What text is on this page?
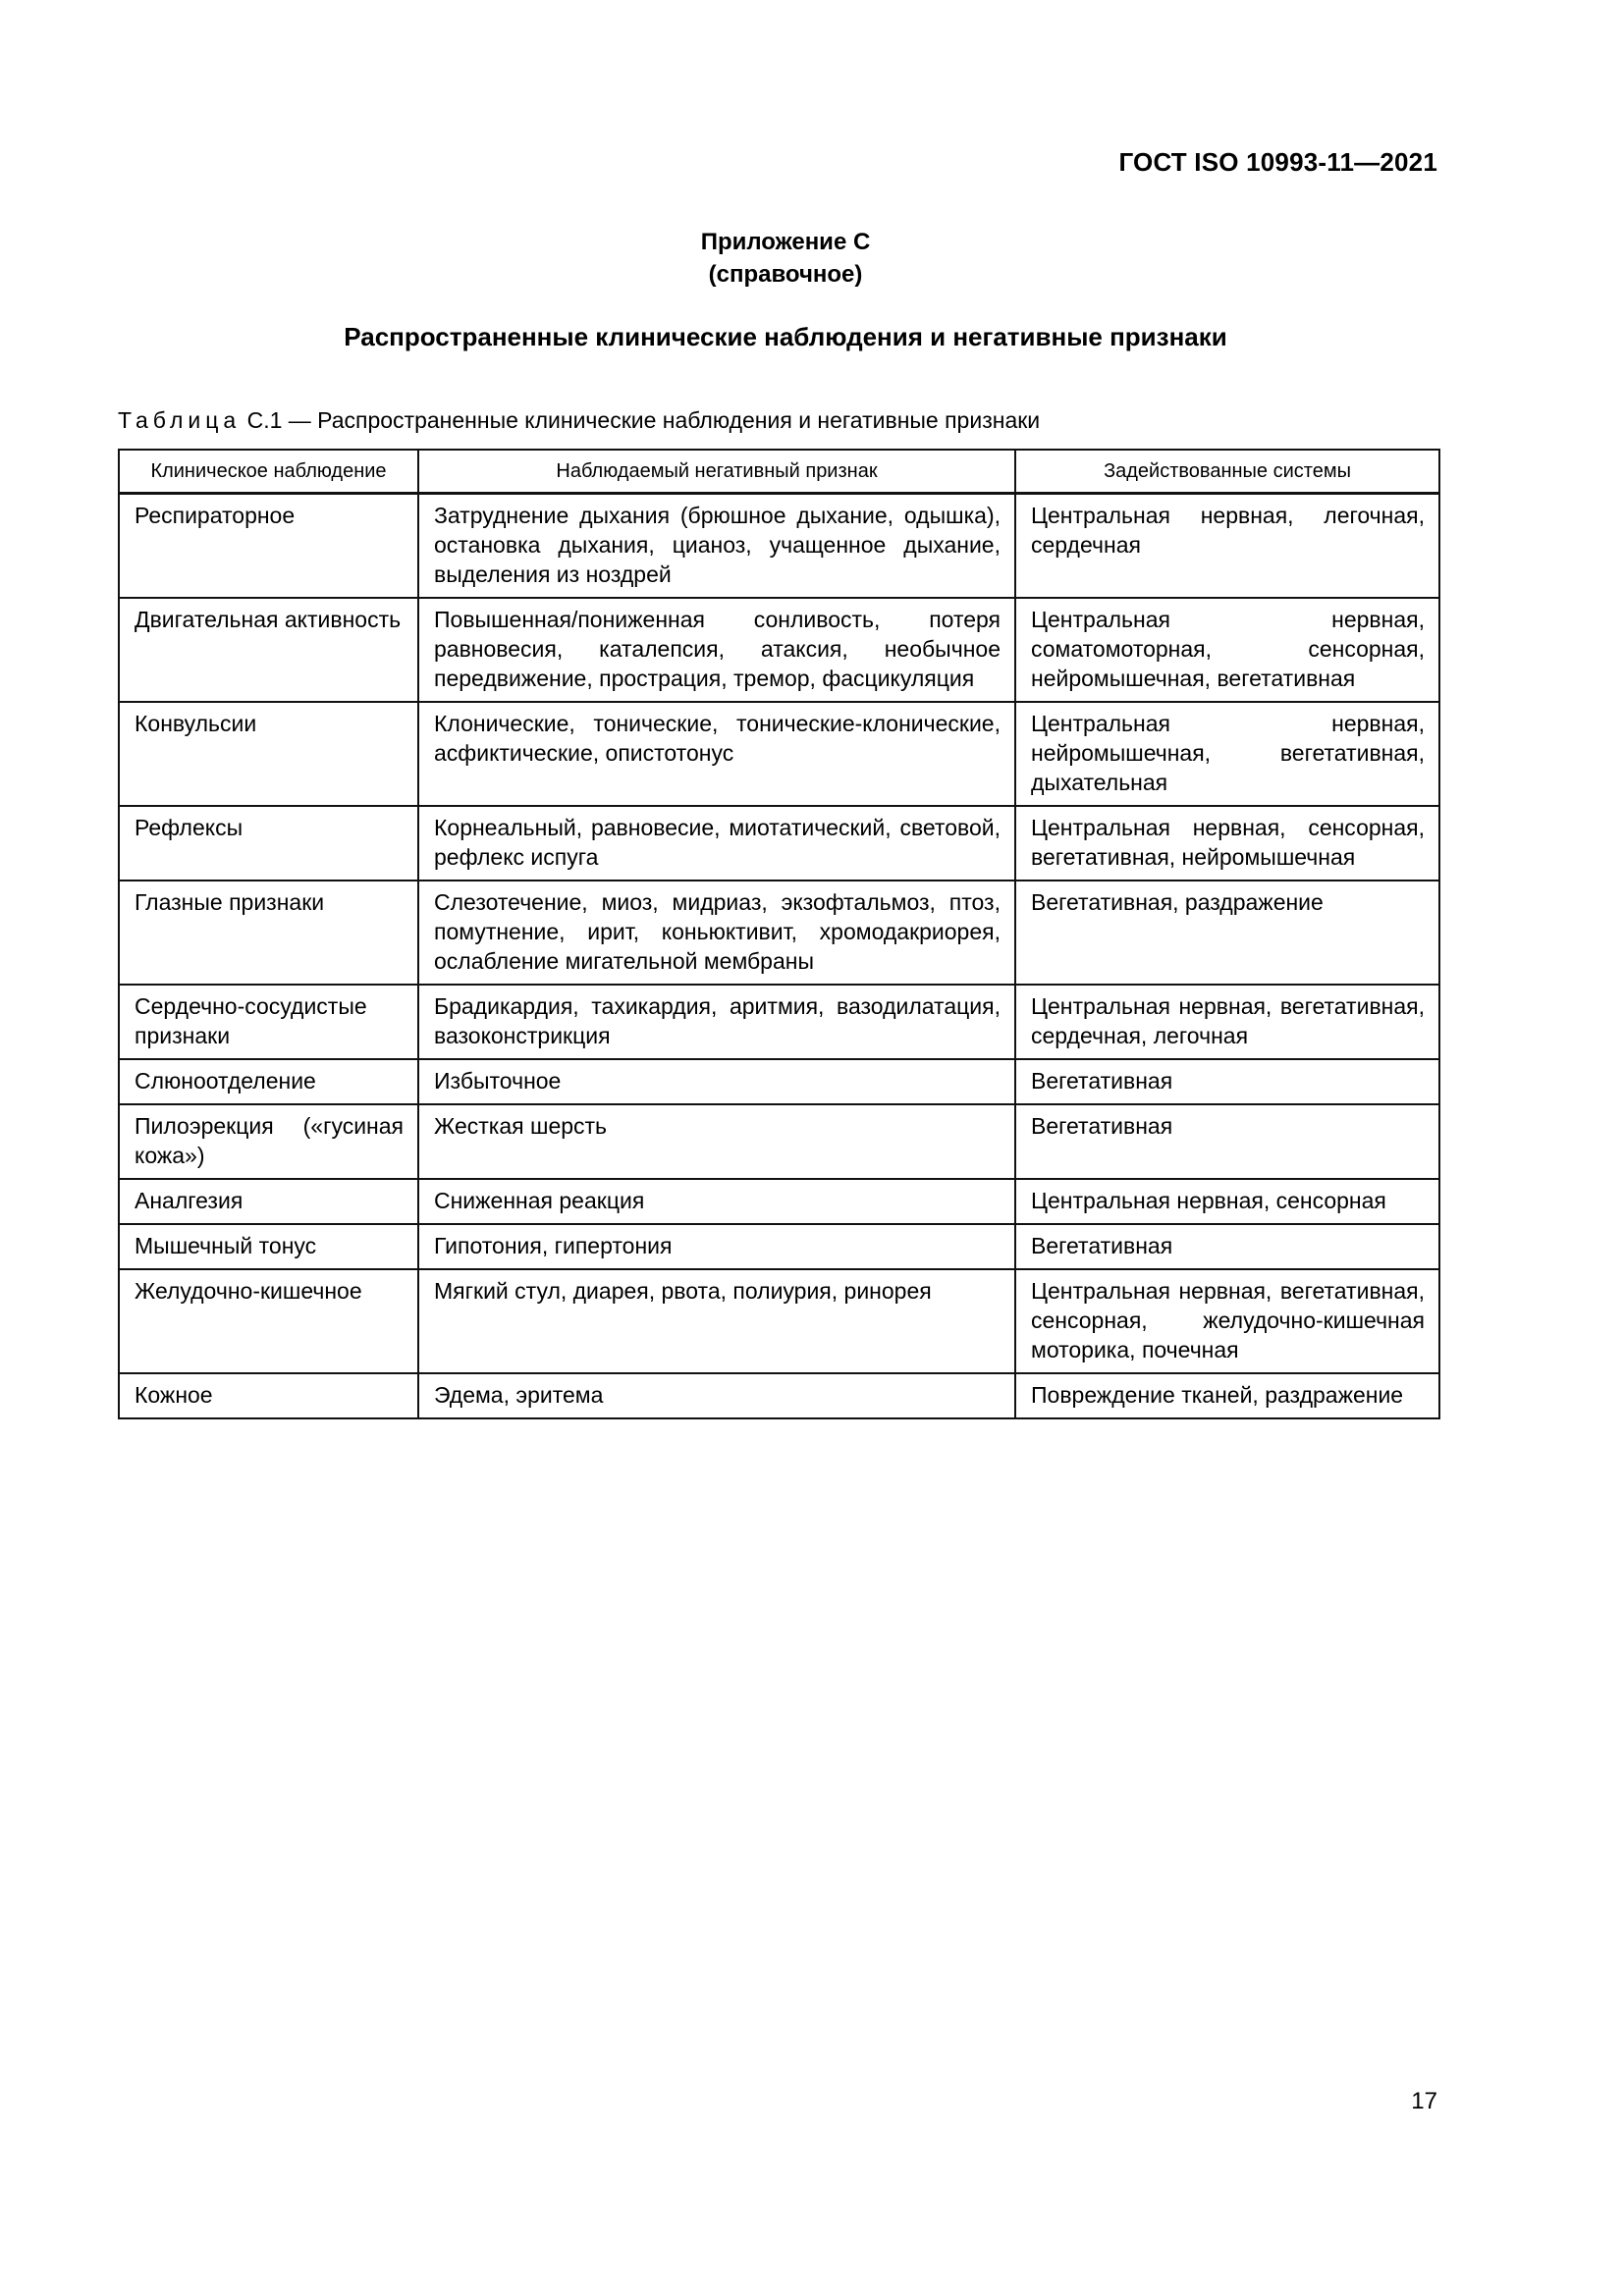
ГОСТ ISO 10993-11—2021
Приложение С
(справочное)
Распространенные клинические наблюдения и негативные признаки
Таблица С.1 — Распространенные клинические наблюдения и негативные признаки
Клиническое наблюдение	Наблюдаемый негативный признак	Задействованные системы
Респираторное	Затруднение дыхания (брюшное дыхание, одышка), остановка дыхания, цианоз, учащенное дыхание, выделения из ноздрей	Центральная нервная, легочная, сердечная
Двигательная активность	Повышенная/пониженная сонливость, потеря равновесия, каталепсия, атаксия, необычное передвижение, прострация, тремор, фасцикуляция	Центральная нервная, соматомоторная, сенсорная, нейромышечная, вегетативная
Конвульсии	Клонические, тонические, тонические-клонические, асфиктические, опистотонус	Центральная нервная, нейромышечная, вегетативная, дыхательная
Рефлексы	Корнеальный, равновесие, миотатический, световой, рефлекс испуга	Центральная нервная, сенсорная, вегетативная, нейромышечная
Глазные признаки	Слезотечение, миоз, мидриаз, экзофтальмоз, птоз, помутнение, ирит, коньюктивит, хромодакриорея, ослабление мигательной мембраны	Вегетативная, раздражение
Сердечно-сосудистые признаки	Брадикардия, тахикардия, аритмия, вазодилатация, вазоконстрикция	Центральная нервная, вегетативная, сердечная, легочная
Слюноотделение	Избыточное	Вегетативная
Пилоэрекция («гусиная кожа»)	Жесткая шерсть	Вегетативная
Аналгезия	Сниженная реакция	Центральная нервная, сенсорная
Мышечный тонус	Гипотония, гипертония	Вегетативная
Желудочно-кишечное	Мягкий стул, диарея, рвота, полиурия, ринорея	Центральная нервная, вегетативная, сенсорная, желудочно-кишечная моторика, почечная
Кожное	Эдема, эритема	Повреждение тканей, раздражение
17
